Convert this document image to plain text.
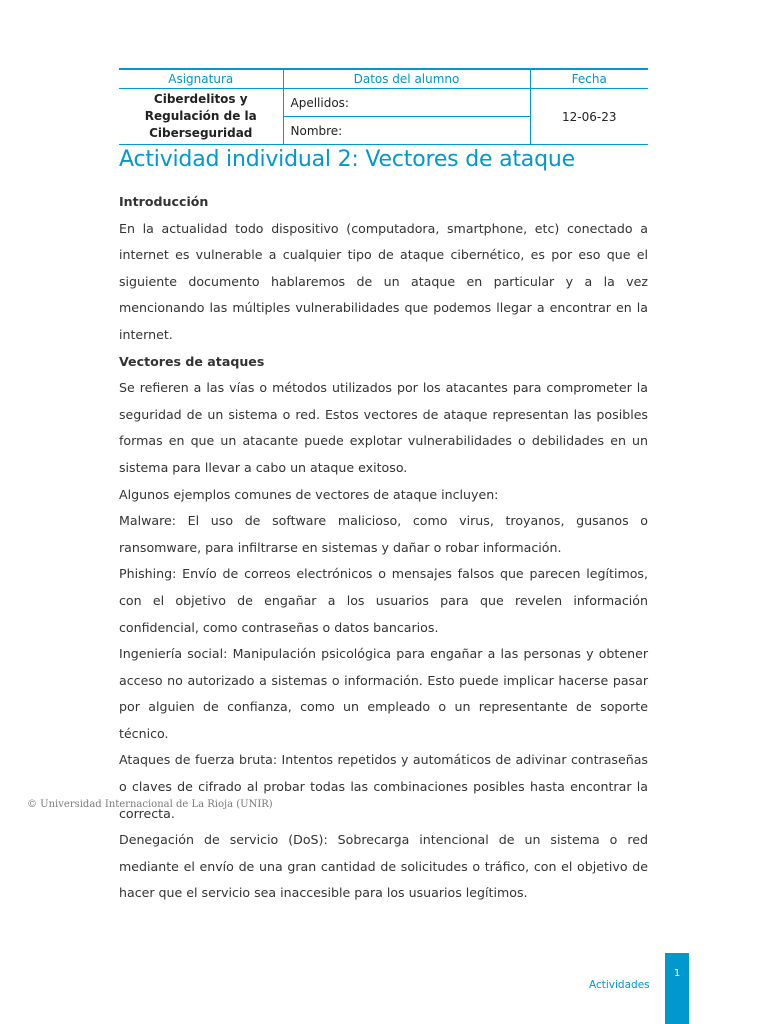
Asignatura	Datos del alumno	Fecha
Ciberdelitos y Regulación de la Ciberseguridad	Apellidos:	12-06-23
	Nombre:	
Actividad individual 2: Vectores de ataque

Introducción

En la actualidad todo dispositivo (computadora, smartphone, etc) conectado a internet es vulnerable a cualquier tipo de ataque cibernético, es por eso que el siguiente documento hablaremos de un ataque en particular y a la vez mencionando las múltiples vulnerabilidades que podemos llegar a encontrar en la internet.

Vectores de ataques

Se refieren a las vías o métodos utilizados por los atacantes para comprometer la seguridad de un sistema o red. Estos vectores de ataque representan las posibles formas en que un atacante puede explotar vulnerabilidades o debilidades en un sistema para llevar a cabo un ataque exitoso.

Algunos ejemplos comunes de vectores de ataque incluyen:

Malware: El uso de software malicioso, como virus, troyanos, gusanos o ransomware, para infiltrarse en sistemas y dañar o robar información.

Phishing: Envío de correos electrónicos o mensajes falsos que parecen legítimos, con el objetivo de engañar a los usuarios para que revelen información confidencial, como contraseñas o datos bancarios.

Ingeniería social: Manipulación psicológica para engañar a las personas y obtener acceso no autorizado a sistemas o información. Esto puede implicar hacerse pasar por alguien de confianza, como un empleado o un representante de soporte técnico.

Ataques de fuerza bruta: Intentos repetidos y automáticos de adivinar contraseñas o claves de cifrado al probar todas las combinaciones posibles hasta encontrar la correcta.

Denegación de servicio (DoS): Sobrecarga intencional de un sistema o red mediante el envío de una gran cantidad de solicitudes o tráfico, con el objetivo de hacer que el servicio sea inaccesible para los usuarios legítimos.

© Universidad Internacional de La Rioja (UNIR)
Actividades
1
